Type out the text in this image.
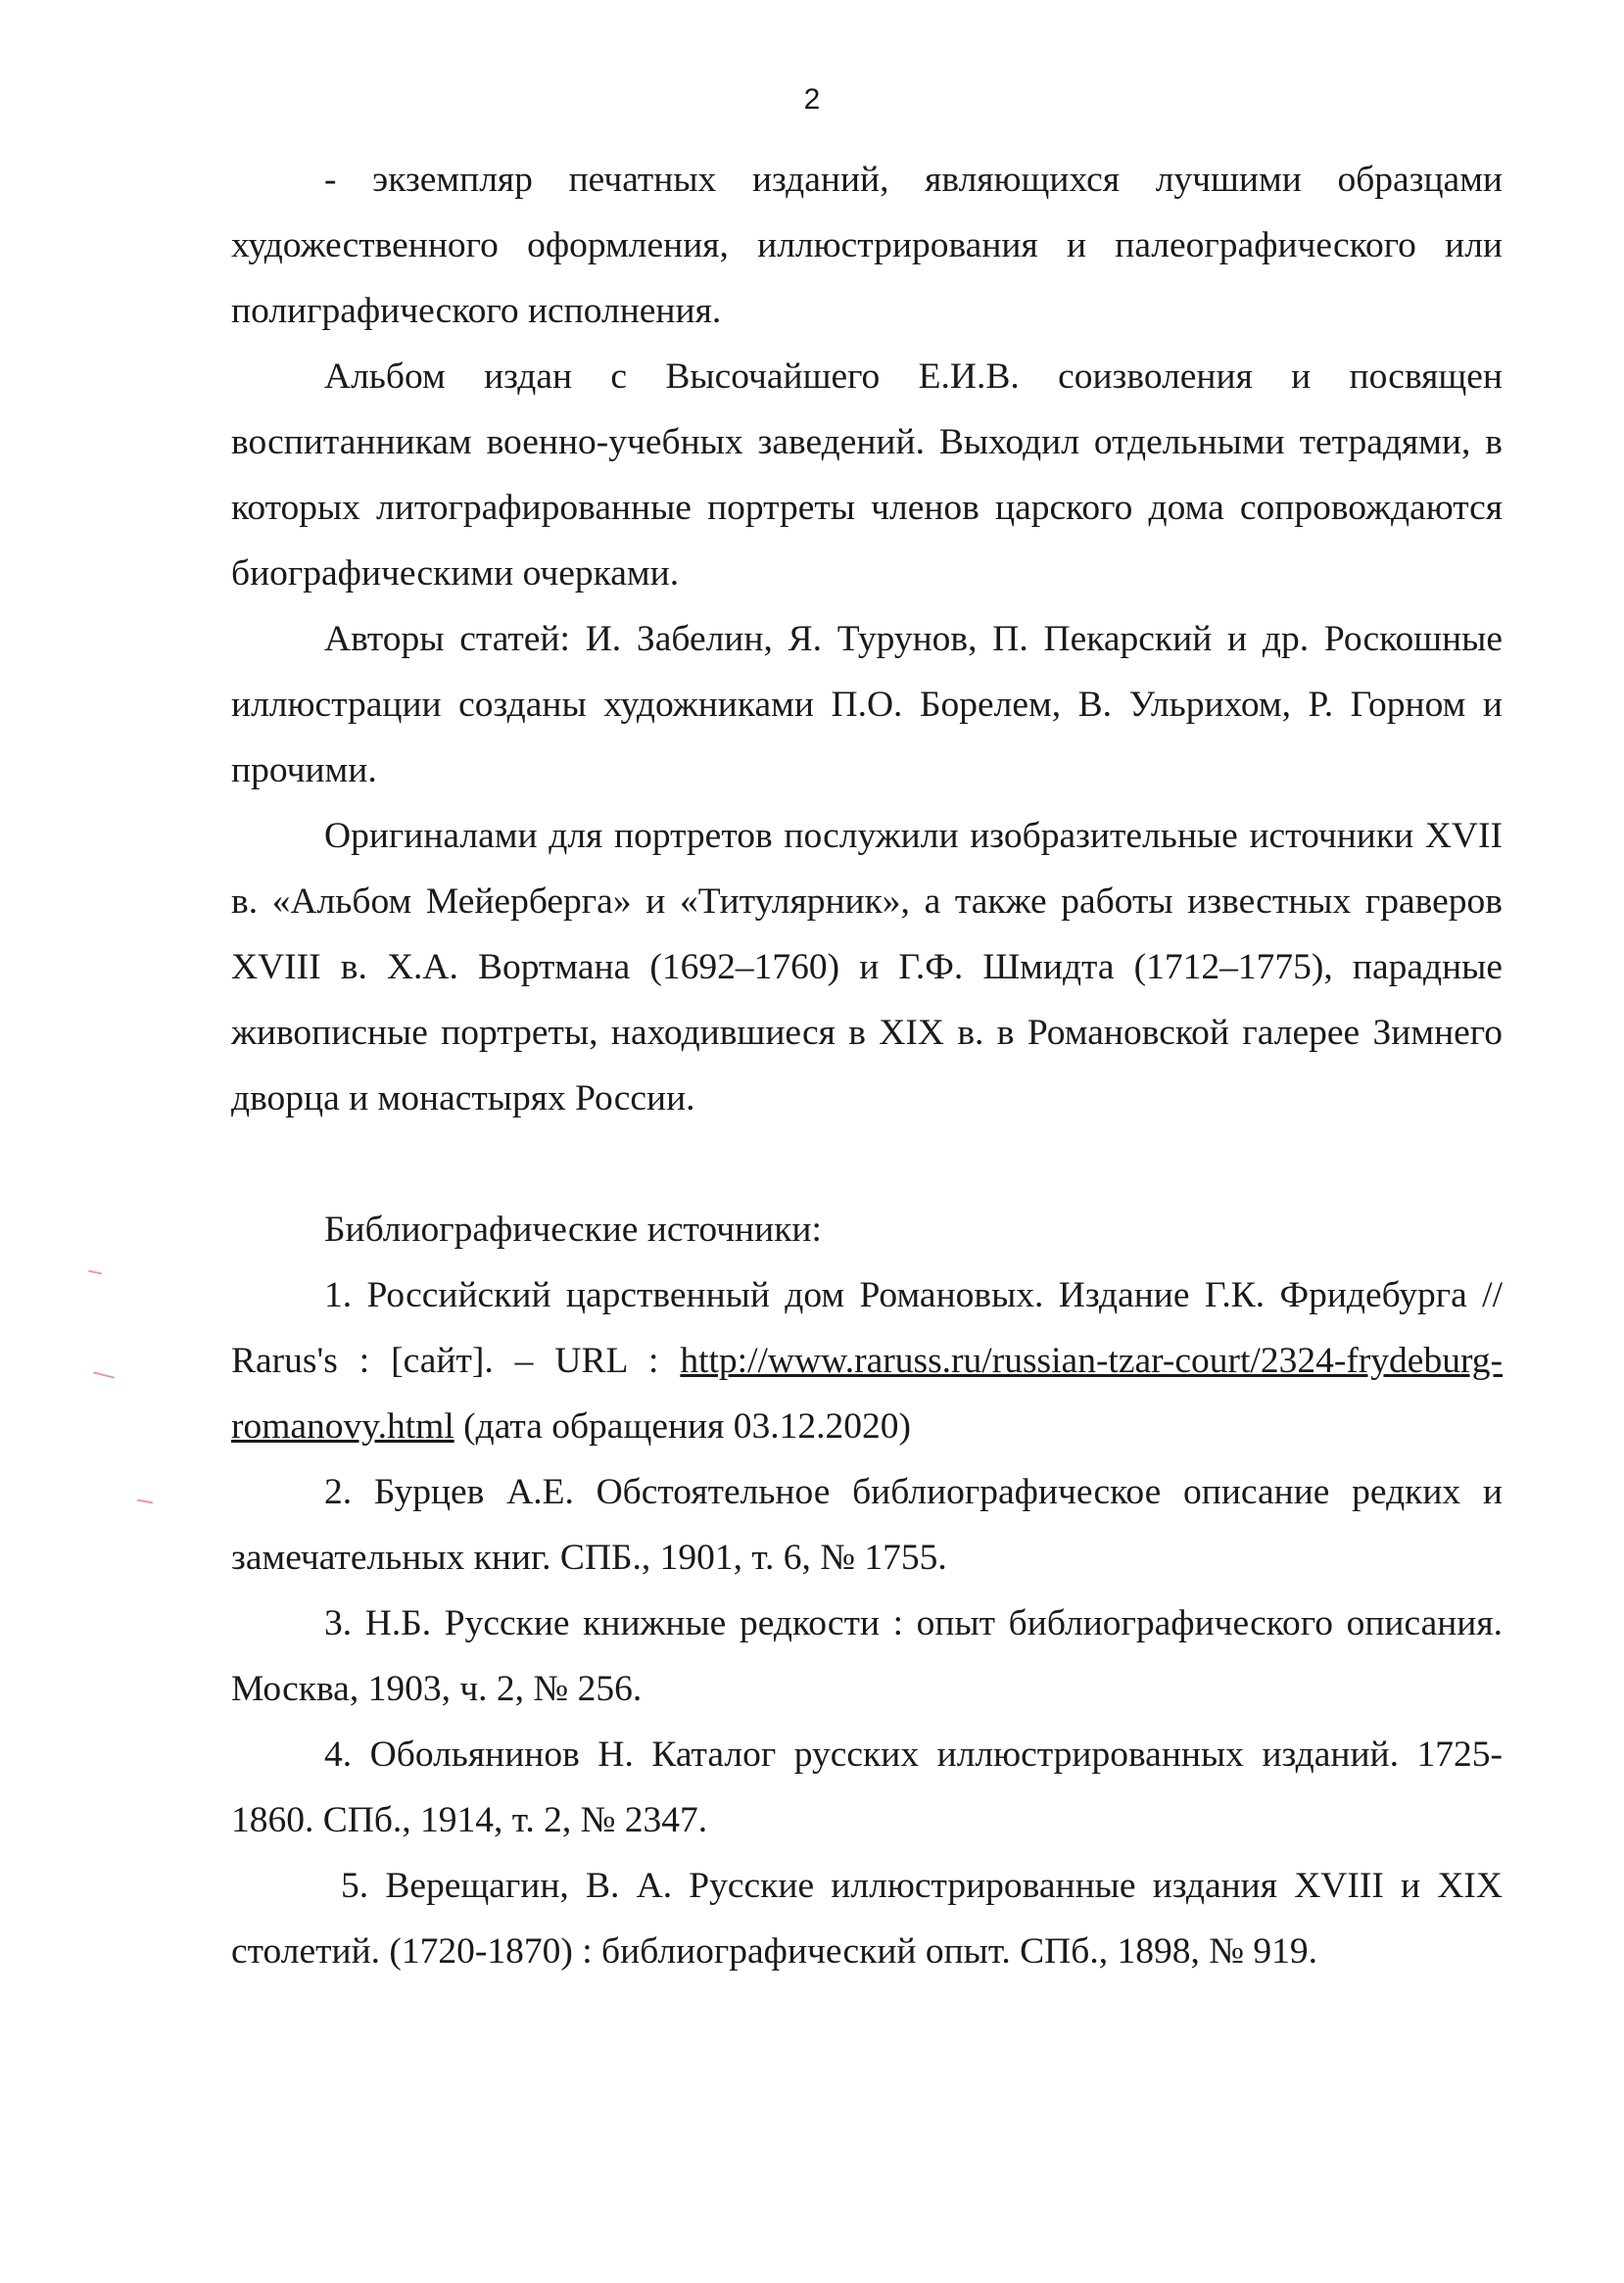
2

- экземпляр печатных изданий, являющихся лучшими образцами художественного оформления, иллюстрирования и палеографического или полиграфического исполнения.

Альбом издан с Высочайшего Е.И.В. соизволения и посвящен воспитанникам военно-учебных заведений. Выходил отдельными тетрадями, в которых литографированные портреты членов царского дома сопровождаются биографическими очерками.

Авторы статей: И. Забелин, Я. Турунов, П. Пекарский и др. Роскошные иллюстрации созданы художниками П.О. Борелем, В. Ульрихом, Р. Горном и прочими.

Оригиналами для портретов послужили изобразительные источники XVII в. «Альбом Мейерберга» и «Титулярник», а также работы известных граверов XVIII в. Х.А. Вортмана (1692–1760) и Г.Ф. Шмидта (1712–1775), парадные живописные портреты, находившиеся в XIX в. в Романовской галерее Зимнего дворца и монастырях России.

Библиографические источники:

1. Российский царственный дом Романовых. Издание Г.К. Фридебурга // Rarus's : [сайт]. – URL : http://www.raruss.ru/russian-tzar-court/2324-frydeburg-romanovy.html (дата обращения 03.12.2020)

2. Бурцев А.Е. Обстоятельное библиографическое описание редких и замечательных книг. СПБ., 1901, т. 6, № 1755.

3. Н.Б. Русские книжные редкости : опыт библиографического описания. Москва, 1903, ч. 2, № 256.

4. Обольянинов Н. Каталог русских иллюстрированных изданий. 1725-1860. СПб., 1914, т. 2, № 2347.

5. Верещагин, В. А. Русские иллюстрированные издания XVIII и XIX столетий. (1720-1870) : библиографический опыт. СПб., 1898, № 919.
